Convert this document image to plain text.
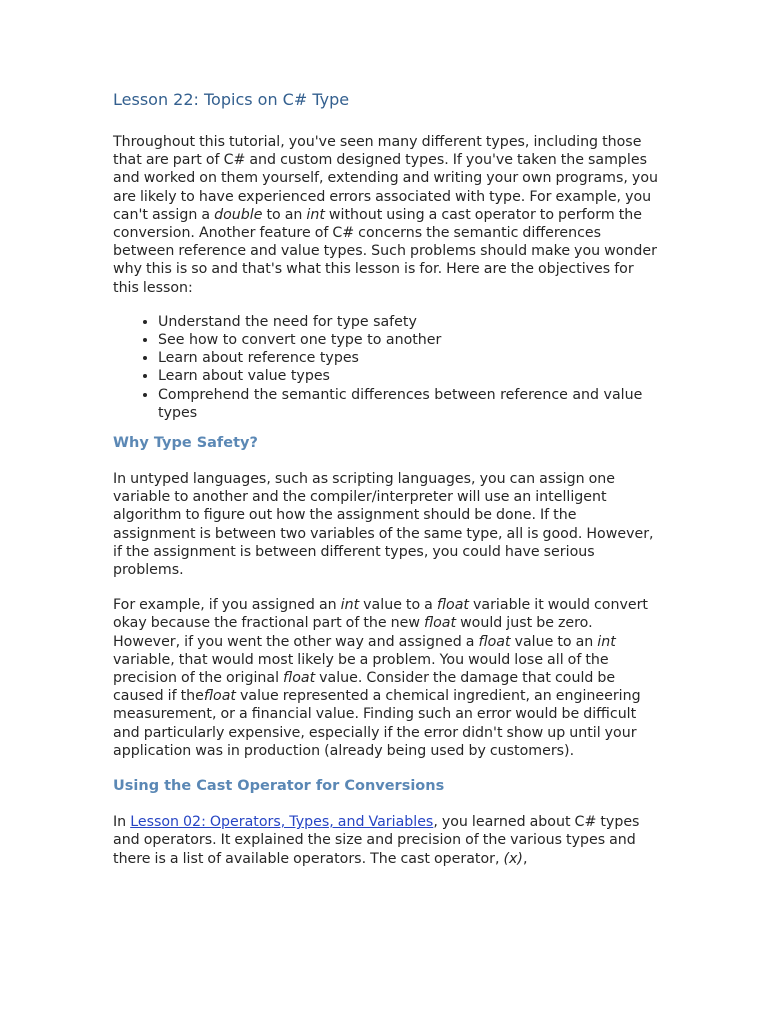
Lesson 22: Topics on C# Type

Throughout this tutorial, you've seen many different types, including those that are part of C# and custom designed types. If you've taken the samples and worked on them yourself, extending and writing your own programs, you are likely to have experienced errors associated with type. For example, you can't assign a double to an int without using a cast operator to perform the conversion. Another feature of C# concerns the semantic differences between reference and value types. Such problems should make you wonder why this is so and that's what this lesson is for. Here are the objectives for this lesson:

• Understand the need for type safety
• See how to convert one type to another
• Learn about reference types
• Learn about value types
• Comprehend the semantic differences between reference and value types
Why Type Safety?

In untyped languages, such as scripting languages, you can assign one variable to another and the compiler/interpreter will use an intelligent algorithm to figure out how the assignment should be done. If the assignment is between two variables of the same type, all is good. However, if the assignment is between different types, you could have serious problems.

For example, if you assigned an int value to a float variable it would convert okay because the fractional part of the new float would just be zero. However, if you went the other way and assigned a float value to an int variable, that would most likely be a problem. You would lose all of the precision of the original float value. Consider the damage that could be caused if thefloat value represented a chemical ingredient, an engineering measurement, or a financial value. Finding such an error would be difficult and particularly expensive, especially if the error didn't show up until your application was in production (already being used by customers).

Using the Cast Operator for Conversions

In Lesson 02: Operators, Types, and Variables, you learned about C# types and operators. It explained the size and precision of the various types and there is a list of available operators. The cast operator, (x),
